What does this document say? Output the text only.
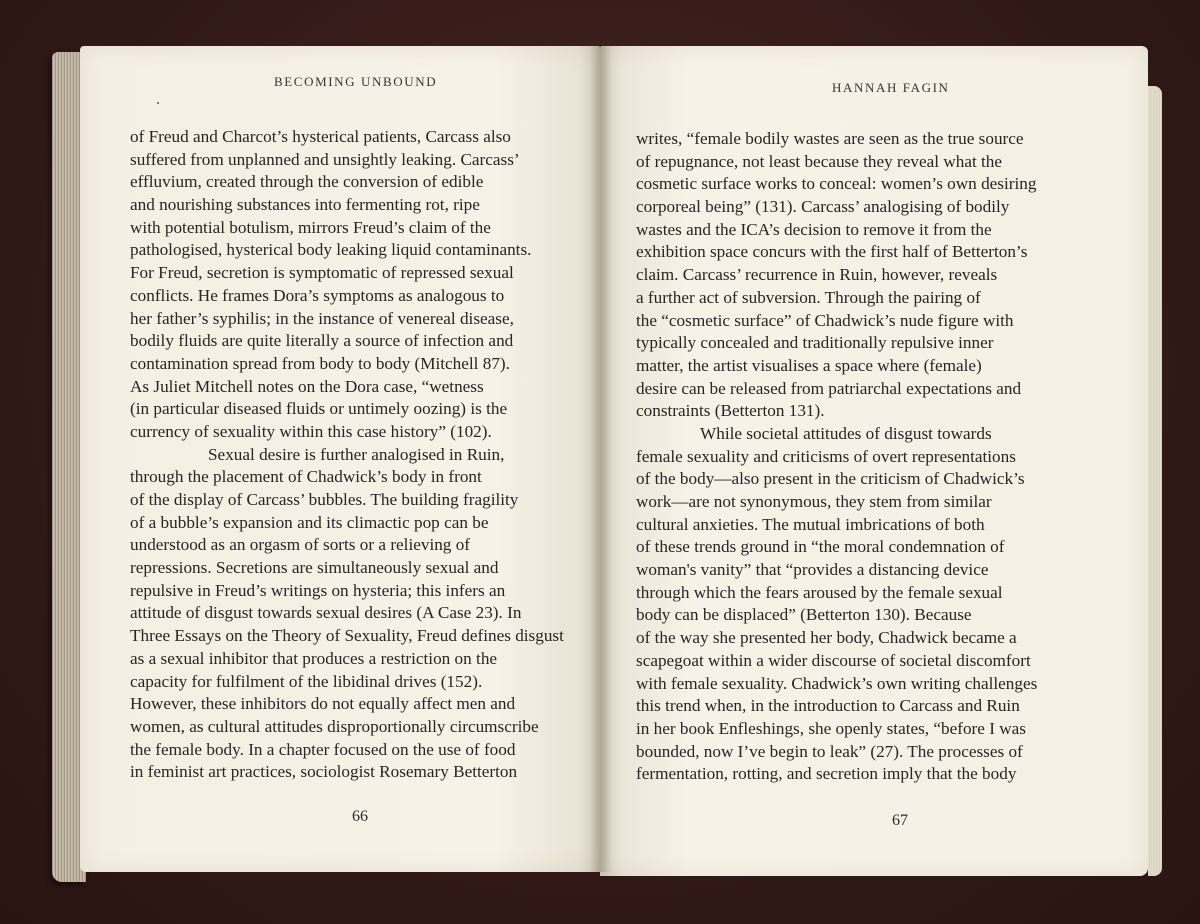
BECOMING UNBOUND
of Freud and Charcot’s hysterical patients, Carcass also
suffered from unplanned and unsightly leaking. Carcass’
effluvium, created through the conversion of edible
and nourishing substances into fermenting rot, ripe
with potential botulism, mirrors Freud’s claim of the
pathologised, hysterical body leaking liquid contaminants.
For Freud, secretion is symptomatic of repressed sexual
conflicts. He frames Dora’s symptoms as analogous to
her father’s syphilis; in the instance of venereal disease,
bodily fluids are quite literally a source of infection and
contamination spread from body to body (Mitchell 87).
As Juliet Mitchell notes on the Dora case, “wetness
(in particular diseased fluids or untimely oozing) is the
currency of sexuality within this case history” (102).
Sexual desire is further analogised in Ruin,
through the placement of Chadwick’s body in front
of the display of Carcass’ bubbles. The building fragility
of a bubble’s expansion and its climactic pop can be
understood as an orgasm of sorts or a relieving of
repressions. Secretions are simultaneously sexual and
repulsive in Freud’s writings on hysteria; this infers an
attitude of disgust towards sexual desires (A Case 23). In
Three Essays on the Theory of Sexuality, Freud defines disgust
as a sexual inhibitor that produces a restriction on the
capacity for fulfilment of the libidinal drives (152).
However, these inhibitors do not equally affect men and
women, as cultural attitudes disproportionally circumscribe
the female body. In a chapter focused on the use of food
in feminist art practices, sociologist Rosemary Betterton
66
HANNAH FAGIN
writes, “female bodily wastes are seen as the true source
of repugnance, not least because they reveal what the
cosmetic surface works to conceal: women’s own desiring
corporeal being” (131). Carcass’ analogising of bodily
wastes and the ICA’s decision to remove it from the
exhibition space concurs with the first half of Betterton’s
claim. Carcass’ recurrence in Ruin, however, reveals
a further act of subversion. Through the pairing of
the “cosmetic surface” of Chadwick’s nude figure with
typically concealed and traditionally repulsive inner
matter, the artist visualises a space where (female)
desire can be released from patriarchal expectations and
constraints (Betterton 131).
While societal attitudes of disgust towards
female sexuality and criticisms of overt representations
of the body—also present in the criticism of Chadwick’s
work—are not synonymous, they stem from similar
cultural anxieties. The mutual imbrications of both
of these trends ground in “the moral condemnation of
woman's vanity” that “provides a distancing device
through which the fears aroused by the female sexual
body can be displaced” (Betterton 130). Because
of the way she presented her body, Chadwick became a
scapegoat within a wider discourse of societal discomfort
with female sexuality. Chadwick’s own writing challenges
this trend when, in the introduction to Carcass and Ruin
in her book Enfleshings, she openly states, “before I was
bounded, now I’ve begin to leak” (27). The processes of
fermentation, rotting, and secretion imply that the body
67
